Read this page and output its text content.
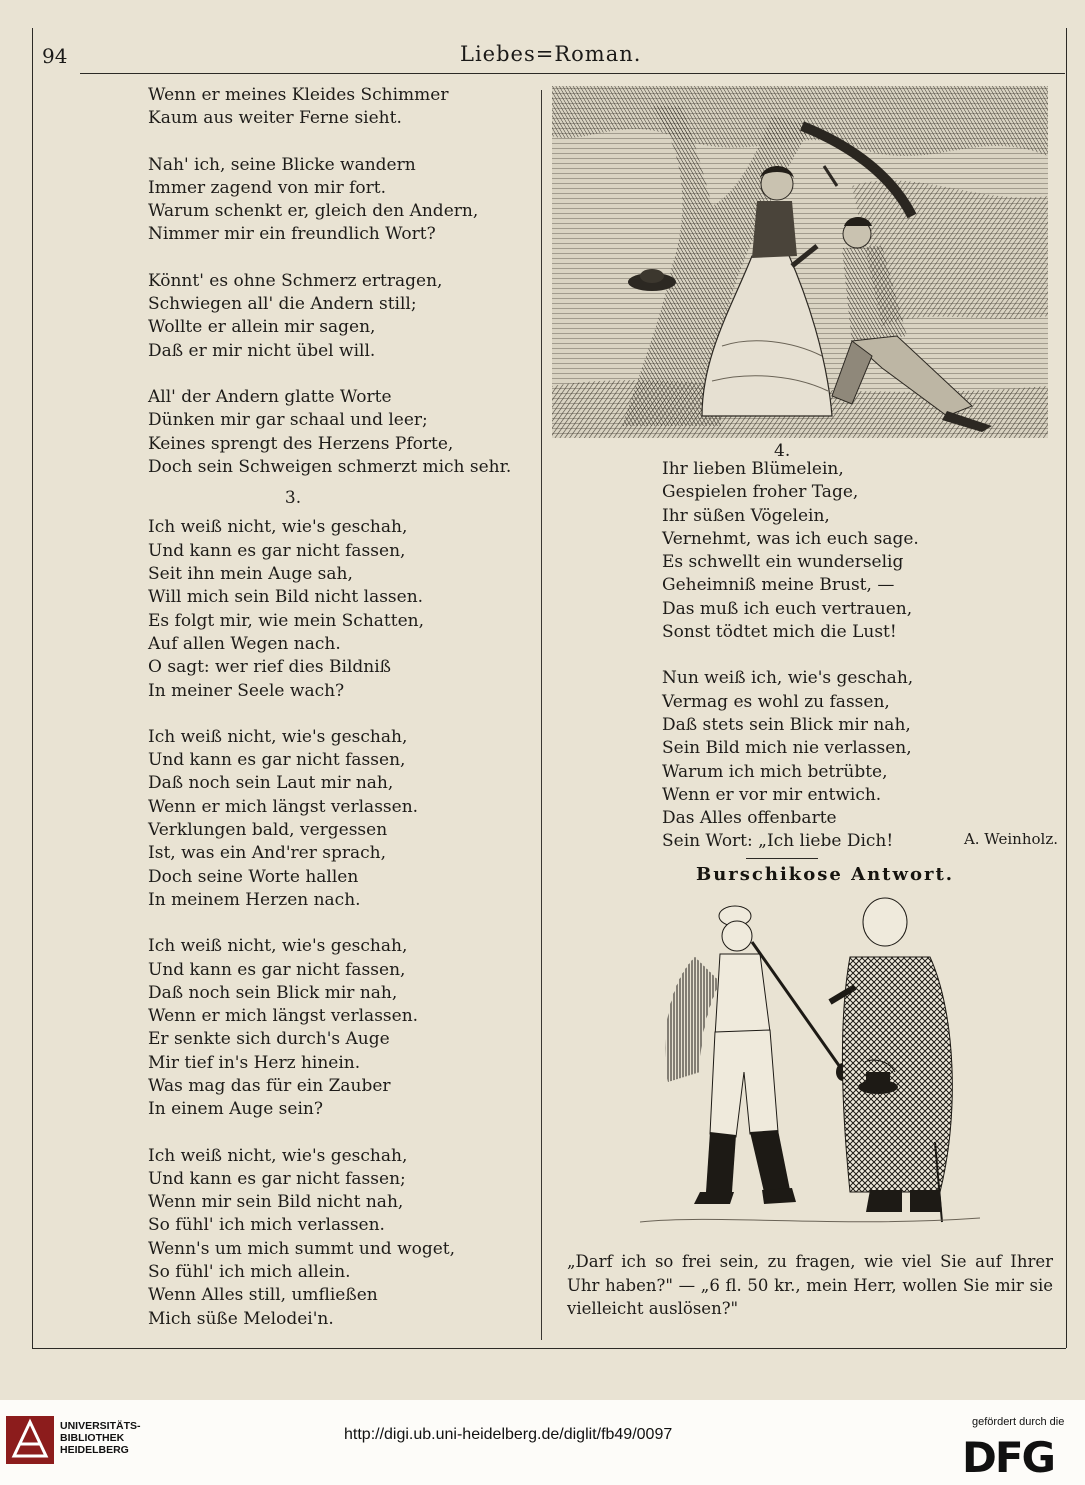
94	Liebes=Roman.
Wenn er meines Kleides Schimmer
Kaum aus weiter Ferne sieht.
Nah' ich, seine Blicke wandern
Immer zagend von mir fort.
Warum schenkt er, gleich den Andern,
Nimmer mir ein freundlich Wort?
Könnt' es ohne Schmerz ertragen,
Schwiegen all' die Andern still;
Wollte er allein mir sagen,
Daß er mir nicht übel will.
All' der Andern glatte Worte
Dünken mir gar schaal und leer;
Keines sprengt des Herzens Pforte,
Doch sein Schweigen schmerzt mich sehr.
3.
Ich weiß nicht, wie's geschah,
Und kann es gar nicht fassen,
Seit ihn mein Auge sah,
Will mich sein Bild nicht lassen.
Es folgt mir, wie mein Schatten,
Auf allen Wegen nach.
O sagt: wer rief dies Bildniß
In meiner Seele wach?
Ich weiß nicht, wie's geschah,
Und kann es gar nicht fassen,
Daß noch sein Laut mir nah,
Wenn er mich längst verlassen.
Verklungen bald, vergessen
Ist, was ein And'rer sprach,
Doch seine Worte hallen
In meinem Herzen nach.
Ich weiß nicht, wie's geschah,
Und kann es gar nicht fassen,
Daß noch sein Blick mir nah,
Wenn er mich längst verlassen.
Er senkte sich durch's Auge
Mir tief in's Herz hinein.
Was mag das für ein Zauber
In einem Auge sein?
Ich weiß nicht, wie's geschah,
Und kann es gar nicht fassen;
Wenn mir sein Bild nicht nah,
So fühl' ich mich verlassen.
Wenn's um mich summt und woget,
So fühl' ich mich allein.
Wenn Alles still, umfließen
Mich süße Melodei'n.
4.
Ihr lieben Blümelein,
Gespielen froher Tage,
Ihr süßen Vögelein,
Vernehmt, was ich euch sage.
Es schwellt ein wunderselig
Geheimniß meine Brust, —
Das muß ich euch vertrauen,
Sonst tödtet mich die Lust!
Nun weiß ich, wie's geschah,
Vermag es wohl zu fassen,
Daß stets sein Blick mir nah,
Sein Bild mich nie verlassen,
Warum ich mich betrübte,
Wenn er vor mir entwich.
Das Alles offenbarte
Sein Wort: „Ich liebe Dich!	A. Weinholz.
Burschikose Antwort.
„Darf ich so frei sein, zu fragen, wie viel Sie auf Ihrer Uhr haben?" — „6 fl. 50 kr., mein Herr, wollen Sie mir sie vielleicht auslösen?"
UNIVERSITÄTS-
BIBLIOTHEK
HEIDELBERG
http://digi.ub.uni-heidelberg.de/diglit/fb49/0097
gefördert durch die
DFG
